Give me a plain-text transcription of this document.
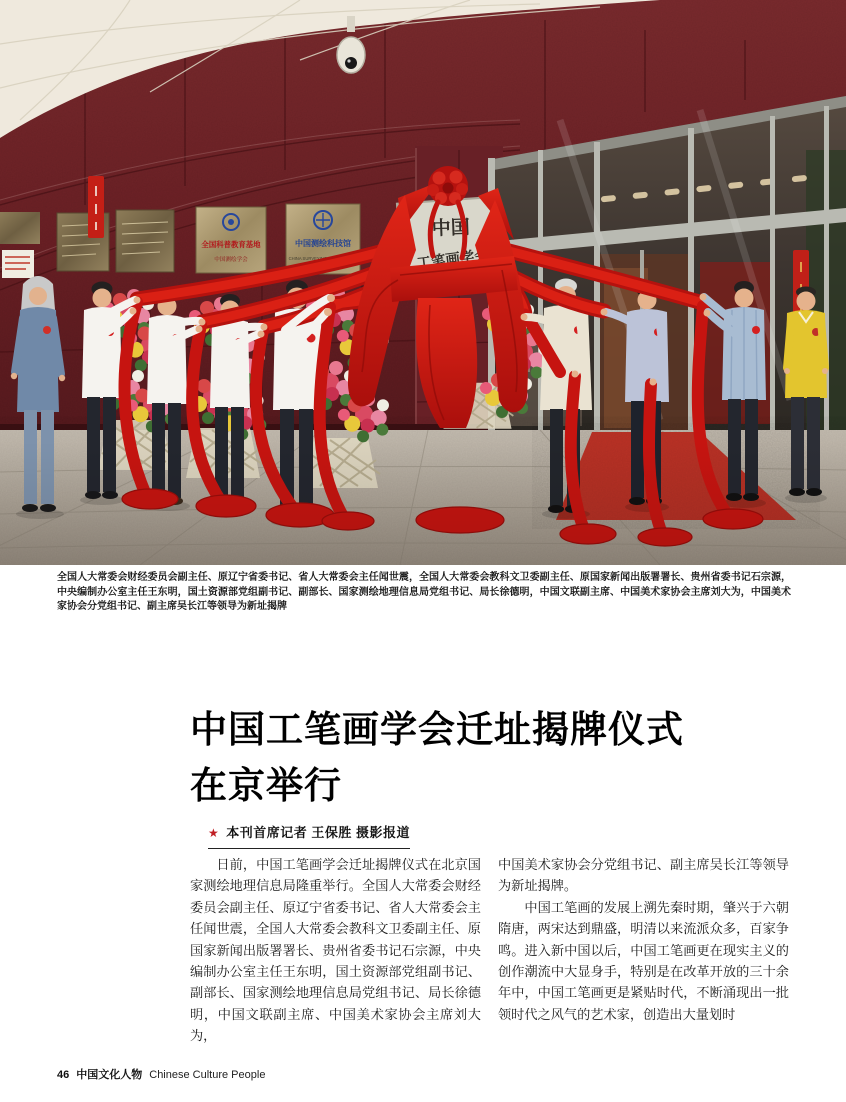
全国人大常委会财经委员会副主任、原辽宁省委书记、省人大常委会主任闻世震，全国人大常委会教科文卫委副主任、原国家新闻出版署署长、贵州省委书记石宗源，中央编制办公室主任王东明，国土资源部党组副书记、副部长、国家测绘地理信息局党组书记、局长徐德明，中国文联副主席、中国美术家协会主席刘大为，中国美术家协会分党组书记、副主席吴长江等领导为新址揭牌
中国工笔画学会迁址揭牌仪式
在京举行
★ 本刊首席记者 王保胜 摄影报道

日前，中国工笔画学会迁址揭牌仪式在北京国家测绘地理信息局隆重举行。全国人大常委会财经委员会副主任、原辽宁省委书记、省人大常委会主任闻世震，全国人大常委会教科文卫委副主任、原国家新闻出版署署长、贵州省委书记石宗源，中央编制办公室主任王东明，国土资源部党组副书记、副部长、国家测绘地理信息局党组书记、局长徐德明，中国文联副主席、中国美术家协会主席刘大为，

中国美术家协会分党组书记、副主席吴长江等领导为新址揭牌。

中国工笔画的发展上溯先秦时期，肇兴于六朝隋唐，两宋达到鼎盛，明清以来流派众多，百家争鸣。进入新中国以后，中国工笔画更在现实主义的创作潮流中大显身手，特别是在改革开放的三十余年中，中国工笔画更是紧贴时代，不断涌现出一批领时代之风气的艺术家，创造出大量划时

46 中国文化人物 Chinese Culture People
